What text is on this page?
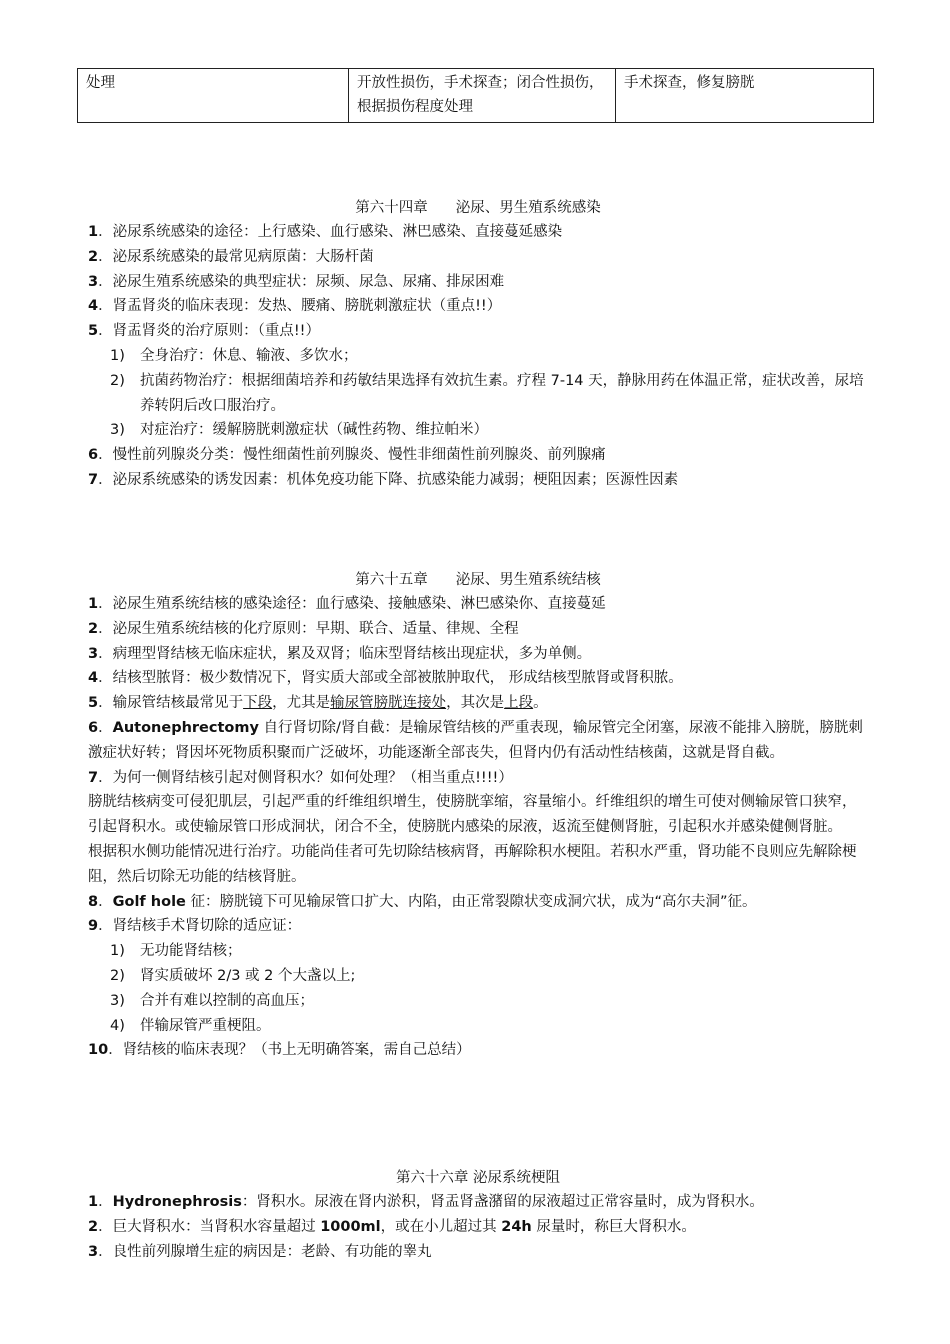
处理	开放性损伤，手术探查；闭合性损伤，根据损伤程度处理	手术探查，修复膀胱

第六十四章 泌尿、男生殖系统感染

1．泌尿系统感染的途径：上行感染、血行感染、淋巴感染、直接蔓延感染

2．泌尿系统感染的最常见病原菌：大肠杆菌

3．泌尿生殖系统感染的典型症状：尿频、尿急、尿痛、排尿困难

4．肾盂肾炎的临床表现：发热、腰痛、膀胱刺激症状（重点!!）

5．肾盂肾炎的治疗原则：（重点!!）

1) 全身治疗：休息、输液、多饮水；

2) 抗菌药物治疗：根据细菌培养和药敏结果选择有效抗生素。疗程 7-14 天，静脉用药在体温正常，症状改善，尿培养转阴后改口服治疗。

3) 对症治疗：缓解膀胱刺激症状（碱性药物、维拉帕米）

6．慢性前列腺炎分类：慢性细菌性前列腺炎、慢性非细菌性前列腺炎、前列腺痛

7．泌尿系统感染的诱发因素：机体免疫功能下降、抗感染能力减弱；梗阻因素；医源性因素

第六十五章 泌尿、男生殖系统结核

1．泌尿生殖系统结核的感染途径：血行感染、接触感染、淋巴感染你、直接蔓延

2．泌尿生殖系统结核的化疗原则：早期、联合、适量、律规、全程

3．病理型肾结核无临床症状，累及双肾；临床型肾结核出现症状，多为单侧。

4．结核型脓肾：极少数情况下，肾实质大部或全部被脓肿取代， 形成结核型脓肾或肾积脓。

5．输尿管结核最常见于下段，尤其是输尿管膀胱连接处，其次是上段。

6．Autonephrectomy 自行肾切除/肾自截：是输尿管结核的严重表现，输尿管完全闭塞，尿液不能排入膀胱，膀胱刺激症状好转；肾因坏死物质积聚而广泛破坏，功能逐渐全部丧失，但肾内仍有活动性结核菌，这就是肾自截。

7．为何一侧肾结核引起对侧肾积水？如何处理？（相当重点!!!!）

膀胱结核病变可侵犯肌层，引起严重的纤维组织增生，使膀胱挛缩，容量缩小。纤维组织的增生可使对侧输尿管口狭窄，引起肾积水。或使输尿管口形成洞状，闭合不全，使膀胱内感染的尿液，返流至健侧肾脏，引起积水并感染健侧肾脏。

根据积水侧功能情况进行治疗。功能尚佳者可先切除结核病肾，再解除积水梗阻。若积水严重，肾功能不良则应先解除梗阻，然后切除无功能的结核肾脏。

8．Golf hole 征：膀胱镜下可见输尿管口扩大、内陷，由正常裂隙状变成洞穴状，成为“高尔夫洞”征。

9．肾结核手术肾切除的适应证：

1) 无功能肾结核；

2) 肾实质破坏 2/3 或 2 个大盏以上;

3) 合并有难以控制的高血压；

4) 伴输尿管严重梗阻。

10．肾结核的临床表现？（书上无明确答案，需自己总结）

第六十六章 泌尿系统梗阻

1．Hydronephrosis：肾积水。尿液在肾内淤积，肾盂肾盏潴留的尿液超过正常容量时，成为肾积水。

2．巨大肾积水：当肾积水容量超过 1000ml，或在小儿超过其 24h 尿量时，称巨大肾积水。

3．良性前列腺增生症的病因是：老龄、有功能的睾丸
